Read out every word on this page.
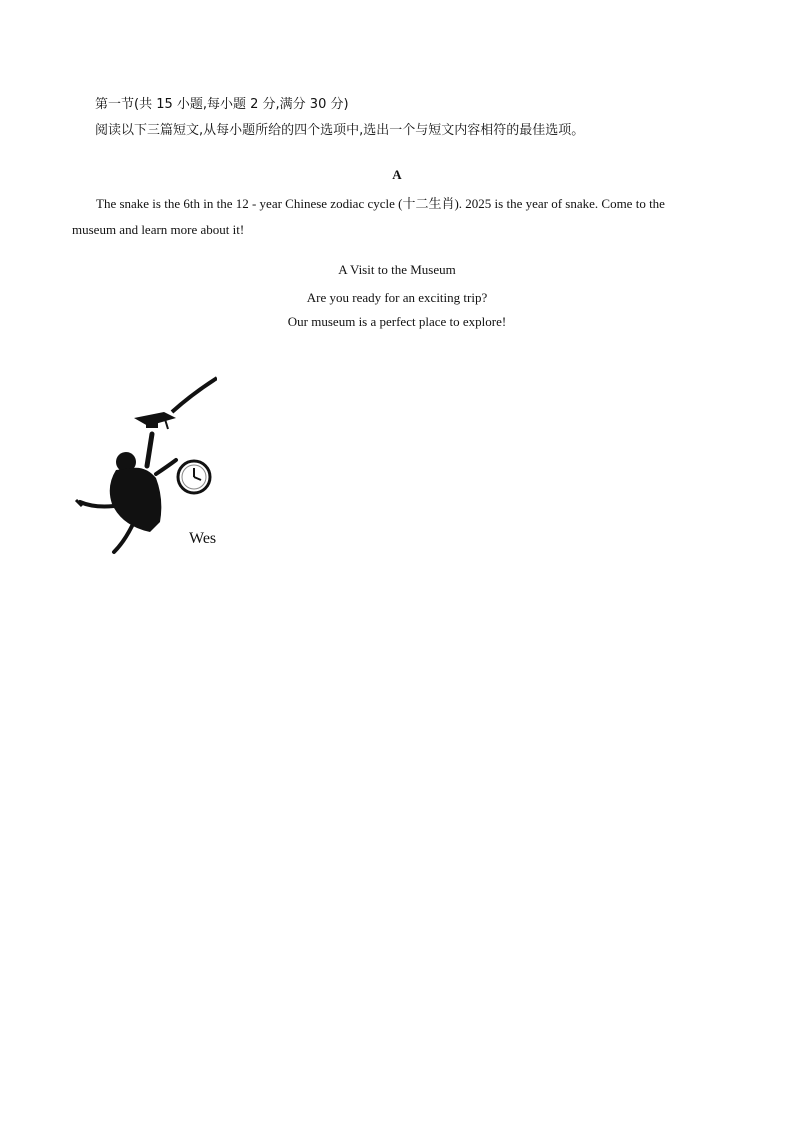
第一节(共 15 小题,每小题 2 分,满分 30 分)
阅读以下三篇短文,从每小题所给的四个选项中,选出一个与短文内容相符的最佳选项。
A
The snake is the 6th in the 12 - year Chinese zodiac cycle (十二生肖). 2025 is the year of snake. Come to the
museum and learn more about it!
A Visit to the Museum
Are you ready for an exciting trip?
Our museum is a perfect place to explore!
Wes
